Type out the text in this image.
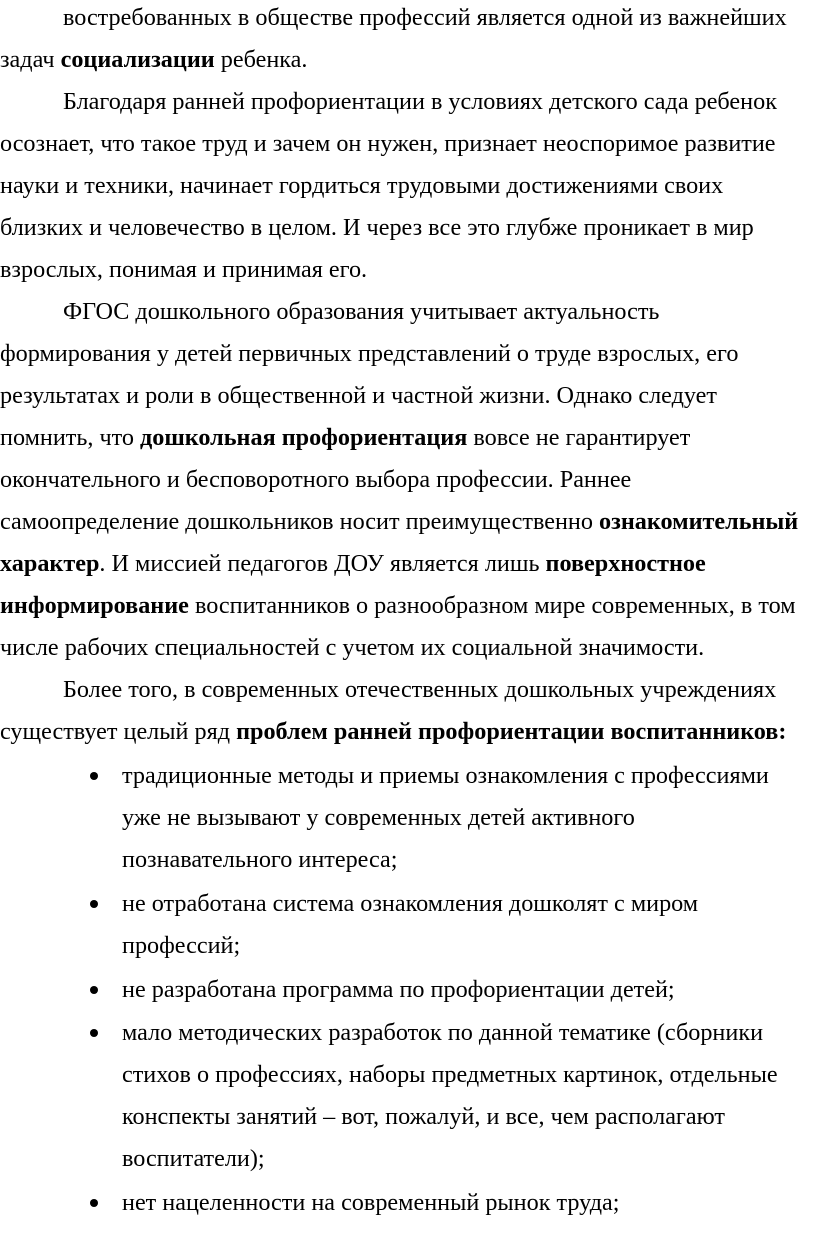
востребованных в обществе профессий является одной из важнейших
задач социализации ребенка.
Благодаря ранней профориентации в условиях детского сада ребенок
осознает, что такое труд и зачем он нужен, признает неоспоримое развитие
науки и техники, начинает гордиться трудовыми достижениями своих
близких и человечество в целом. И через все это глубже проникает в мир
взрослых, понимая и принимая его.
ФГОС дошкольного образования учитывает актуальность
формирования у детей первичных представлений о труде взрослых, его
результатах и роли в общественной и частной жизни. Однако следует
помнить, что дошкольная профориентация вовсе не гарантирует
окончательного и бесповоротного выбора профессии. Раннее
самоопределение дошкольников носит преимущественно ознакомительный
характер. И миссией педагогов ДОУ является лишь поверхностное
информирование воспитанников о разнообразном мире современных, в том
числе рабочих специальностей с учетом их социальной значимости.
Более того, в современных отечественных дошкольных учреждениях
существует целый ряд проблем ранней профориентации воспитанников:
традиционные методы и приемы ознакомления с профессиями
уже не вызывают у современных детей активного
познавательного интереса;
не отработана система ознакомления дошколят с миром
профессий;
не разработана программа по профориентации детей;
мало методических разработок по данной тематике (сборники
стихов о профессиях, наборы предметных картинок, отдельные
конспекты занятий – вот, пожалуй, и все, чем располагают
воспитатели);
нет нацеленности на современный рынок труда;
